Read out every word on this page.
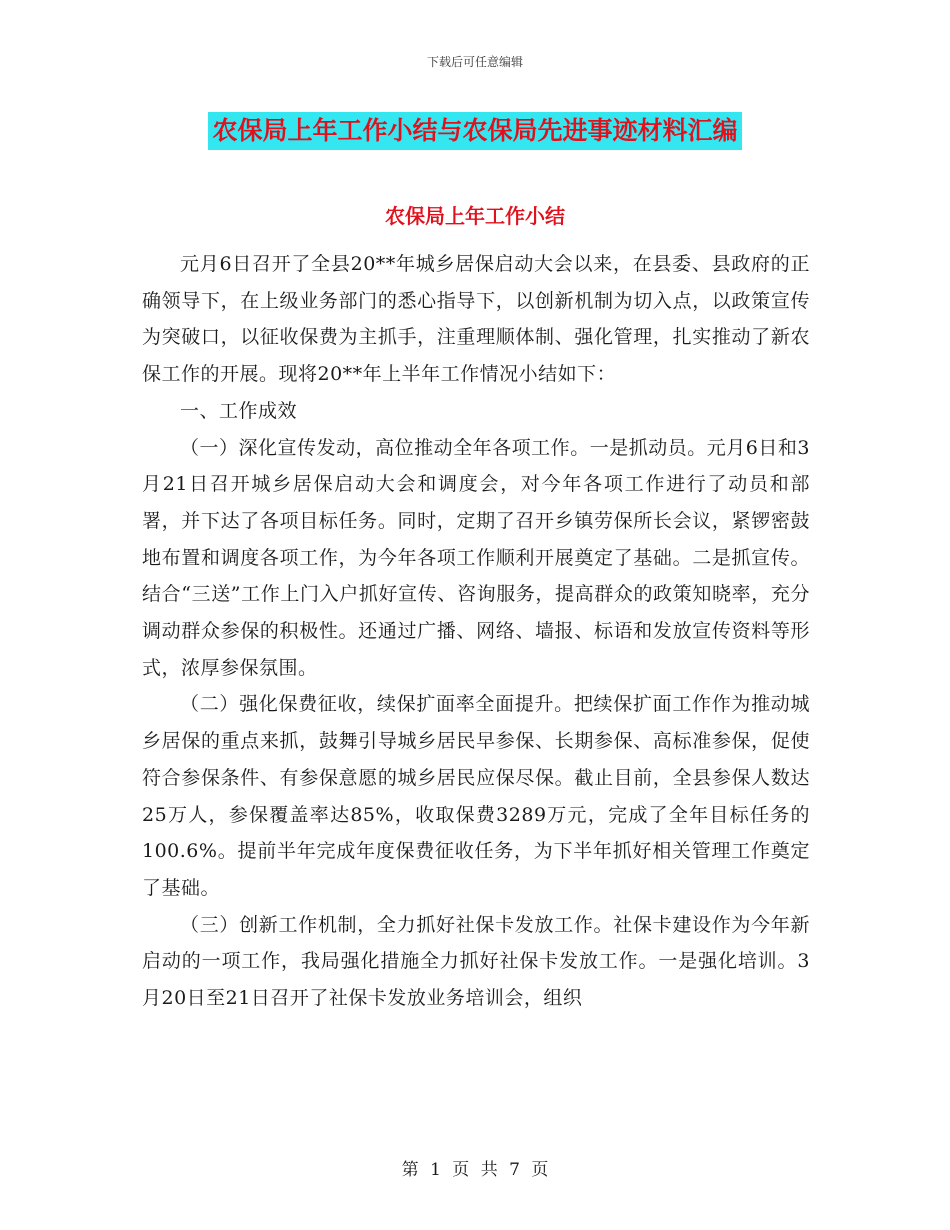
下载后可任意编辑
农保局上年工作小结与农保局先进事迹材料汇编
农保局上年工作小结

元月6日召开了全县20**年城乡居保启动大会以来，在县委、县政府的正确领导下，在上级业务部门的悉心指导下，以创新机制为切入点，以政策宣传为突破口，以征收保费为主抓手，注重理顺体制、强化管理，扎实推动了新农保工作的开展。现将20**年上半年工作情况小结如下：

一、工作成效

（一）深化宣传发动，高位推动全年各项工作。一是抓动员。元月6日和3月21日召开城乡居保启动大会和调度会，对今年各项工作进行了动员和部署，并下达了各项目标任务。同时，定期了召开乡镇劳保所长会议，紧锣密鼓地布置和调度各项工作，为今年各项工作顺利开展奠定了基础。二是抓宣传。结合“三送”工作上门入户抓好宣传、咨询服务，提高群众的政策知晓率，充分调动群众参保的积极性。还通过广播、网络、墙报、标语和发放宣传资料等形式，浓厚参保氛围。

（二）强化保费征收，续保扩面率全面提升。把续保扩面工作作为推动城乡居保的重点来抓，鼓舞引导城乡居民早参保、长期参保、高标准参保，促使符合参保条件、有参保意愿的城乡居民应保尽保。截止目前，全县参保人数达25万人，参保覆盖率达85%，收取保费3289万元，完成了全年目标任务的100.6%。提前半年完成年度保费征收任务，为下半年抓好相关管理工作奠定了基础。

（三）创新工作机制，全力抓好社保卡发放工作。社保卡建设作为今年新启动的一项工作，我局强化措施全力抓好社保卡发放工作。一是强化培训。3月20日至21日召开了社保卡发放业务培训会，组织

第 1 页 共 7 页
